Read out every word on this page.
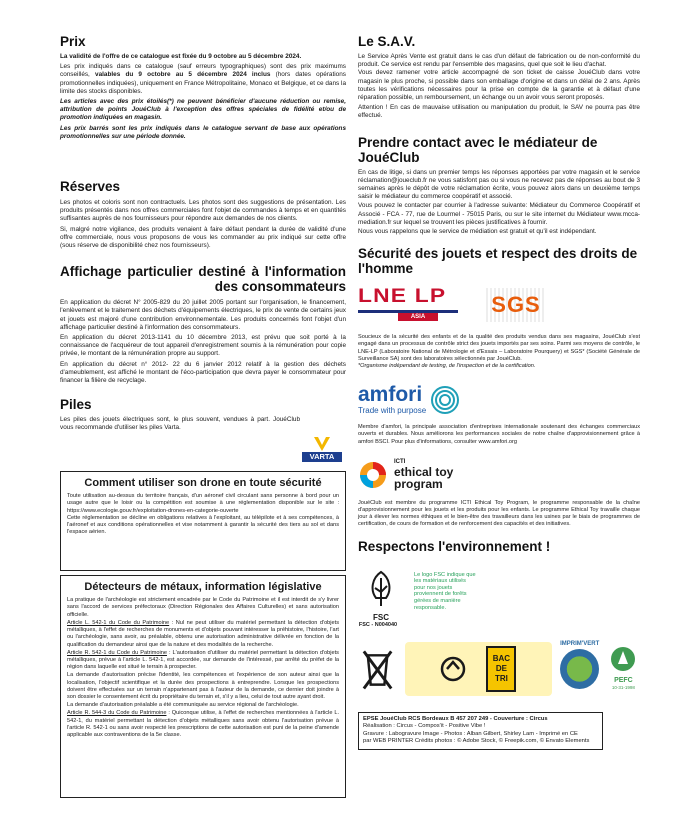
Prix

La validité de l'offre de ce catalogue est fixée du 9 octobre au 5 décembre 2024.

Les prix indiqués dans ce catalogue (sauf erreurs typographiques) sont des prix maximums conseillés, valables du 9 octobre au 5 décembre 2024 inclus (hors dates opérations promotionnelles indiquées), uniquement en France Métropolitaine, Monaco et Belgique, et ce dans la limite des stocks disponibles.

Les articles avec des prix étoilés(*) ne peuvent bénéficier d'aucune réduction ou remise, attribution de points JouéClub à l'exception des offres spéciales de fidélité et/ou de promotion indiquées en magasin.

Les prix barrés sont les prix indiqués dans le catalogue servant de base aux opérations promotionnelles sur une période donnée.

Réserves

Les photos et coloris sont non contractuels. Les photos sont des suggestions de présentation. Les produits présentés dans nos offres commerciales font l'objet de commandes à temps et en quantités suffisantes auprès de nos fournisseurs pour répondre aux demandes de nos clients.

Si, malgré notre vigilance, des produits venaient à faire défaut pendant la durée de validité d'une offre commerciale, nous vous proposons de vous les commander au prix indiqué sur cette offre (sous réserve de disponibilité chez nos fournisseurs).

Affichage particulier destiné à l'information des consommateurs

En application du décret N° 2005-829 du 20 juillet 2005 portant sur l'organisation, le financement, l'enlèvement et le traitement des déchets d'équipements électriques, le prix de vente de certains jeux et jouets est majoré d'une contribution environnementale. Les produits concernés font l'objet d'un affichage particulier destiné à l'information des consommateurs.

En application du décret 2013-1141 du 10 décembre 2013, est prévu que soit porté à la connaissance de l'acquéreur de tout appareil d'enregistrement soumis à la rémunération pour copie privée, le montant de la rémunération propre au support.

En application du décret n° 2012- 22 du 6 janvier 2012 relatif à la gestion des déchets d'ameublement, est affiché le montant de l'éco-participation que devra payer le consommateur pour financer la filière de recyclage.

Piles

Les piles des jouets électriques sont, le plus souvent, vendues à part. JouéClub vous recommande d'utiliser les piles Varta.

VARTA
Comment utiliser son drone en toute sécurité

Toute utilisation au-dessus du territoire français, d'un aéronef civil circulant sans personne à bord pour un usage autre que le loisir ou la compétition est soumise à une réglementation disponible sur le site : https://www.ecologie.gouv.fr/exploitation-drones-en-categorie-ouverte

Cette réglementation se décline en obligations relatives à l'exploitant, au télépilote et à ses compétences, à l'aéronef et aux conditions opérationnelles et vise notamment à garantir la sécurité des tiers au sol et dans l'espace aérien.

Détecteurs de métaux, information législative

La pratique de l'archéologie est strictement encadrée par le Code du Patrimoine et il est interdit de s'y livrer sans l'accord de services préfectoraux (Direction Régionales des Affaires Culturelles) et sans autorisation officielle.

Article L. 542-1 du Code du Patrimoine : Nul ne peut utiliser du matériel permettant la détection d'objets métalliques, à l'effet de recherches de monuments et d'objets pouvant intéresser la préhistoire, l'histoire, l'art ou l'archéologie, sans avoir, au préalable, obtenu une autorisation administrative délivrée en fonction de la qualification du demandeur ainsi que de la nature et des modalités de la recherche.

Article R. 542-1 du Code du Patrimoine : L'autorisation d'utiliser du matériel permettant la détection d'objets métalliques, prévue à l'article L. 542-1, est accordée, sur demande de l'intéressé, par arrêté du préfet de la région dans laquelle est situé le terrain à prospecter.

La demande d'autorisation précise l'identité, les compétences et l'expérience de son auteur ainsi que la localisation, l'objectif scientifique et la durée des prospections à entreprendre. Lorsque les prospections doivent être effectuées sur un terrain n'appartenant pas à l'auteur de la demande, ce dernier doit joindre à son dossier le consentement écrit du propriétaire du terrain et, s'il y a lieu, celui de tout autre ayant droit.

La demande d'autorisation préalable a été communiquée au service régional de l'archéologie.

Article R. 544-3 du Code du Patrimoine : Quiconque utilise, à l'effet de recherches mentionnées à l'article L. 542-1, du matériel permettant la détection d'objets métalliques sans avoir obtenu l'autorisation prévue à l'article R. 542-1 ou sans avoir respecté les prescriptions de cette autorisation est puni de la peine d'amende applicable aux contraventions de la 5e classe.

Le S.A.V.

Le Service Après Vente est gratuit dans le cas d'un défaut de fabrication ou de non-conformité du produit. Ce service est rendu par l'ensemble des magasins, quel que soit le lieu d'achat.

Vous devez ramener votre article accompagné de son ticket de caisse JouéClub dans votre magasin le plus proche, si possible dans son emballage d'origine et dans un délai de 2 ans. Après toutes les vérifications nécessaires pour la prise en compte de la garantie et à défaut d'une réparation possible, un remboursement, un échange ou un avoir vous seront proposés.

Attention ! En cas de mauvaise utilisation ou manipulation du produit, le SAV ne pourra pas être effectué.

Prendre contact avec le médiateur de JouéClub

En cas de litige, si dans un premier temps les réponses apportées par votre magasin et le service réclamation@joueclub.fr ne vous satisfont pas ou si vous ne recevez pas de réponses au bout de 3 semaines après le dépôt de votre réclamation écrite, vous pouvez alors dans un deuxième temps saisir le médiateur du commerce coopératif et associé.

Vous pouvez le contacter par courrier à l'adresse suivante: Médiateur du Commerce Coopératif et Associé - FCA - 77, rue de Lourmel - 75015 Paris, ou sur le site internet du Médiateur www.mcca-mediation.fr sur lequel se trouvent les pièces justificatives à fournir.

Nous vous rappelons que le service de médiation est gratuit et qu'il est indépendant.

Sécurité des jouets et respect des droits de l'homme
LNE LP
ASIA	SGS

Soucieux de la sécurité des enfants et de la qualité des produits vendus dans ses magasins, JouéClub s'est engagé dans un processus de contrôle strict des jouets importés par ses soins. Parmi ses moyens de contrôle, le LNE-LP (Laboratoire National de Métrologie et d'Essais – Laboratoire Pourquery) et SGS* (Société Générale de Surveillance SA) sont des laboratoires sélectionnés par JouéClub.

*Organisme indépendant de testing, de l'inspection et de la certification.

amfori
Trade with purpose

Membre d'amfori, la principale association d'entreprises internationale soutenant des échanges commerciaux ouverts et durables. Nous améliorons les performances sociales de notre chaîne d'approvisionnement grâce à amfori BSCI. Pour plus d'informations, consulter www.amfori.org

ICTI
ethical toy
program

JouéClub est membre du programme ICTI Ethical Toy Program, le programme responsable de la chaîne d'approvisionnement pour les jouets et les produits pour les enfants. Le programme Ethical Toy travaille chaque jour à élever les normes éthiques et le bien-être des travailleurs dans les usines par le biais de programmes de certification, de cours de formation et de renforcement des capacités et des initiatives.

Respectons l'environnement !
FSC
FSC - N004040

Le logo FSC indique que les matériaux utilisés pour nos jouets proviennent de forêts gérées de manière responsable.

BAC
DE
TRI
IMPRIM'VERT
PEFC
10-31-1998
EPSE JouéClub RCS Bordeaux B 457 207 249 - Couverture : Circus
Réalisation : Circus - Compos'it - Positive Vibe !
Gravure : Labogravure Image - Photos : Alban Gilbert, Shirley Lam - Imprimé en CE
par WEB PRINTER Crédits photos : © Adobe Stock, © Freepik.com, © Envato Elements
